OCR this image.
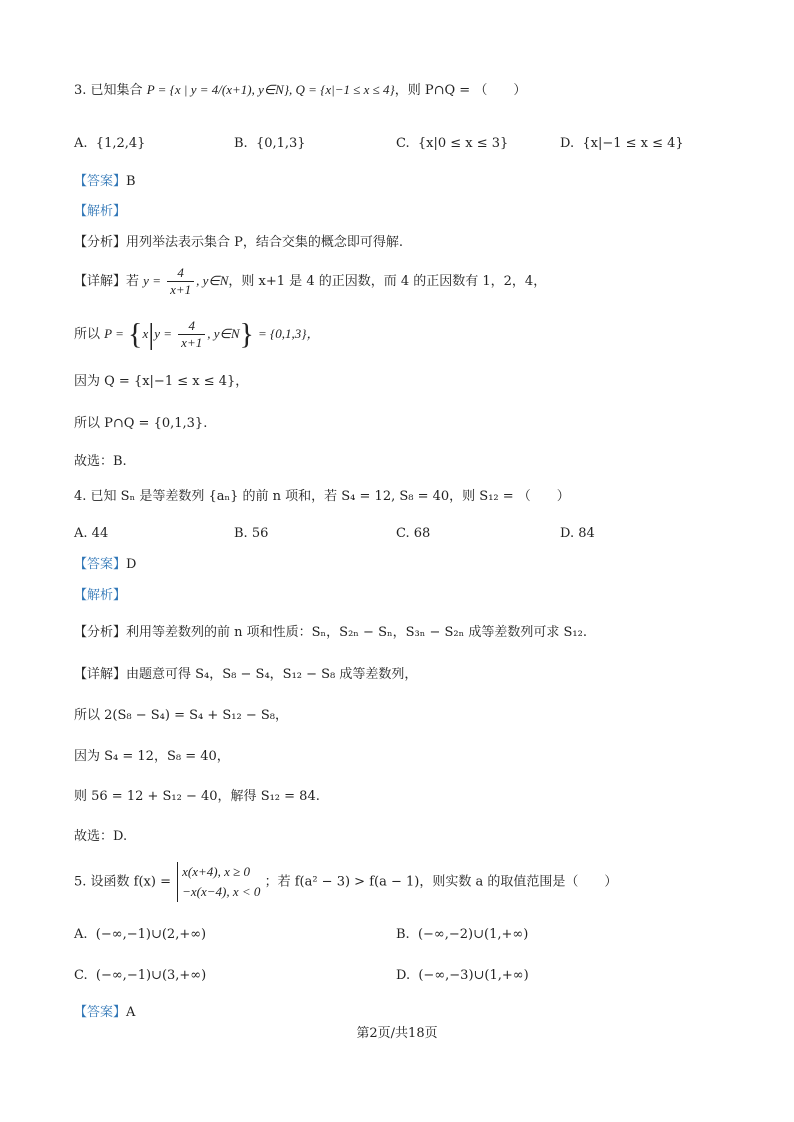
3. 已知集合 P = {x | y = 4/(x+1), y∈N}, Q = {x|−1 ≤ x ≤ 4}，则 P∩Q = （　　）
A. {1,2,4}	B. {0,1,3}	C. {x|0 ≤ x ≤ 3}	D. {x|−1 ≤ x ≤ 4}
【答案】B
【解析】
【分析】用列举法表示集合 P，结合交集的概念即可得解.
【详解】若 $y = \frac{4}{x+1}$ , y∈N，则 x+1 是 4 的正因数，而 4 的正因数有 1，2，4，
所以 $P = \{x|y = \frac{4}{x+1}$ , y∈N} = {0,1,3}，
因为 Q = {x|−1 ≤ x ≤ 4}，
所以 P∩Q = {0,1,3}.
故选：B.
4. 已知 Sₙ 是等差数列 {aₙ} 的前 n 项和，若 S₄ = 12, S₈ = 40，则 S₁₂ = （　　）
A. 44	B. 56	C. 68	D. 84
【答案】D
【解析】
【分析】利用等差数列的前 n 项和性质：Sₙ，S₂ₙ − Sₙ，S₃ₙ − S₂ₙ 成等差数列可求 S₁₂.
【详解】由题意可得 S₄，S₈ − S₄，S₁₂ − S₈ 成等差数列，
所以 2(S₈ − S₄) = S₄ + S₁₂ − S₈，
因为 S₄ = 12，S₈ = 40，
则 56 = 12 + S₁₂ − 40，解得 S₁₂ = 84.
故选：D.
5. 设函数 f(x) =
x(x+4), x ≥ 0
−x(x−4), x < 0
；若 f(a² − 3) > f(a − 1)，则实数 a 的取值范围是（　　）
A. (−∞,−1)∪(2,+∞)	B. (−∞,−2)∪(1,+∞)
C. (−∞,−1)∪(3,+∞)	D. (−∞,−3)∪(1,+∞)
【答案】A
第2页/共18页
